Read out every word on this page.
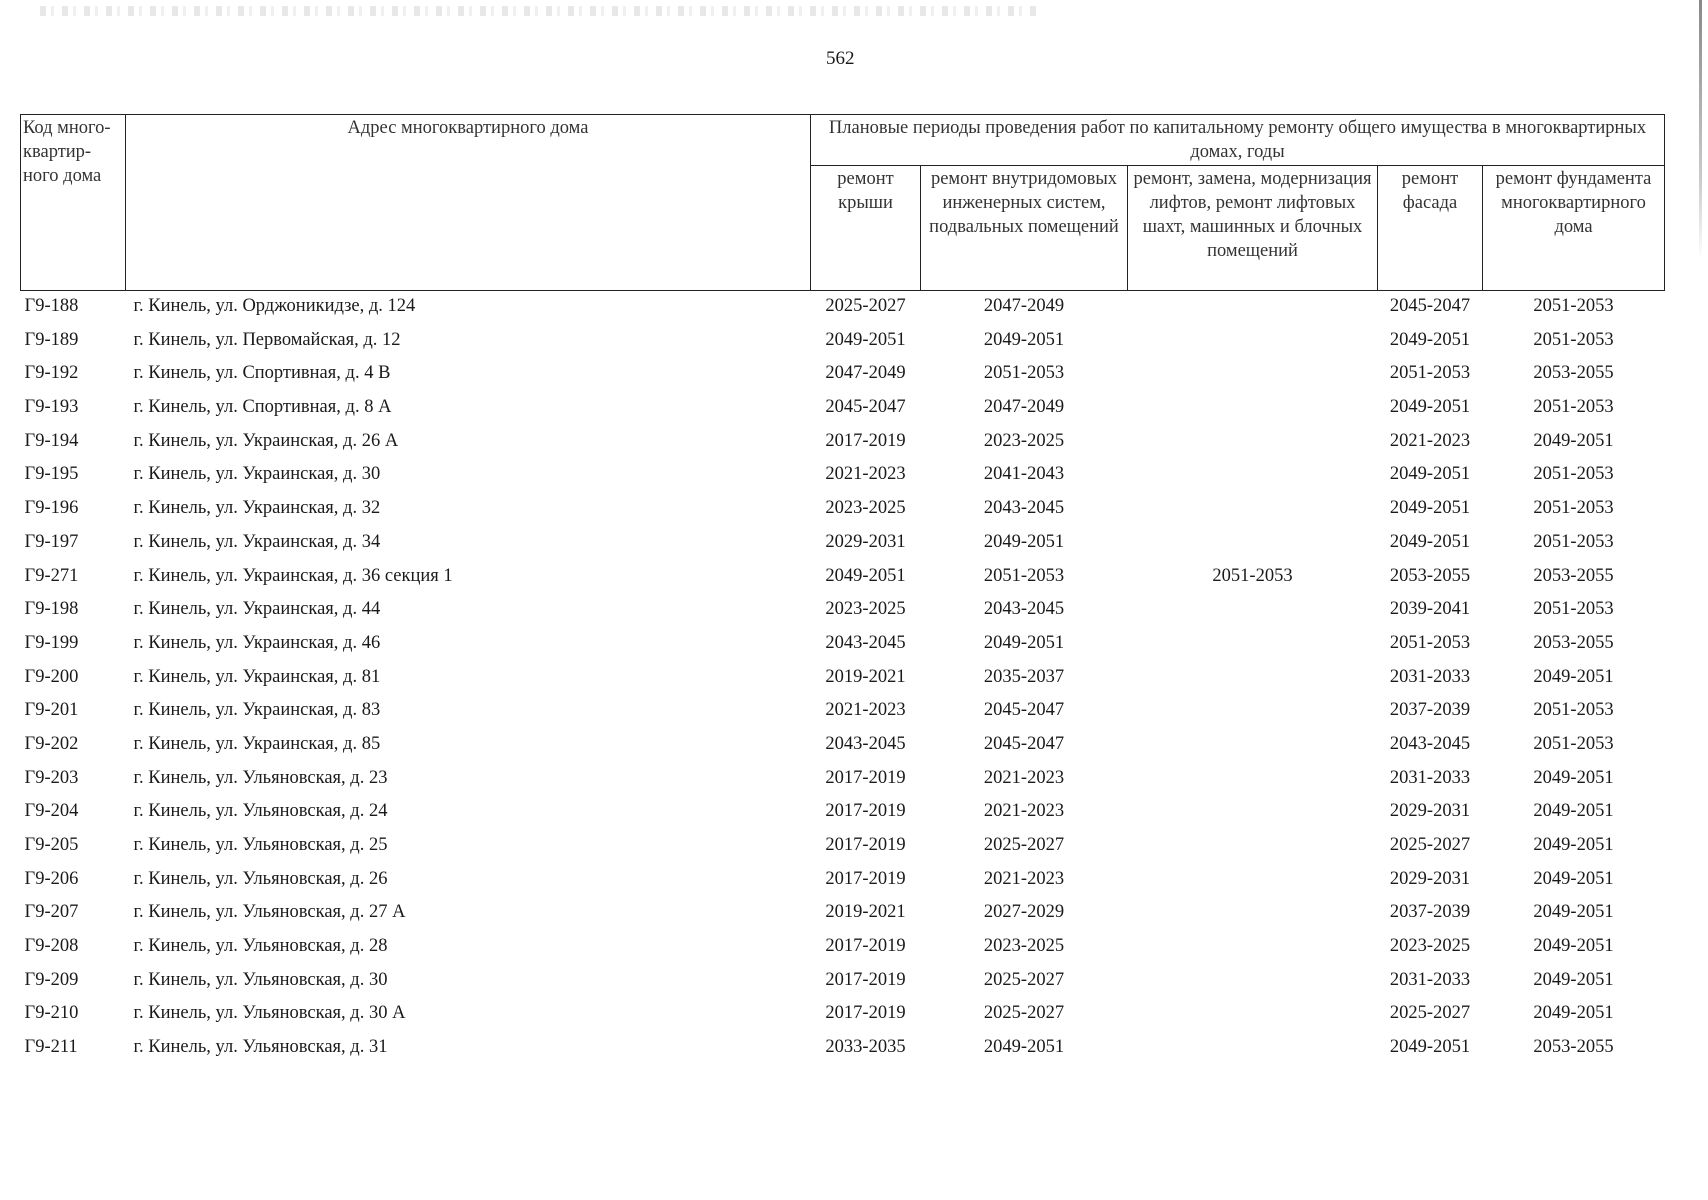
562
Код много-квартир-ного дома	Адрес многоквартирного дома	Плановые периоды проведения работ по капитальному ремонту общего имущества в многоквартирных домах, годы				
		ремонт крыши	ремонт внутридомовых инженерных систем, подвальных помещений	ремонт, замена, модернизация лифтов, ремонт лифтовых шахт, машинных и блочных помещений	ремонт фасада	ремонт фундамента многоквартирного дома
Г9-188	г. Кинель, ул. Орджоникидзе, д. 124	2025-2027	2047-2049		2045-2047	2051-2053
Г9-189	г. Кинель, ул. Первомайская, д. 12	2049-2051	2049-2051		2049-2051	2051-2053
Г9-192	г. Кинель, ул. Спортивная, д. 4 В	2047-2049	2051-2053		2051-2053	2053-2055
Г9-193	г. Кинель, ул. Спортивная, д. 8 А	2045-2047	2047-2049		2049-2051	2051-2053
Г9-194	г. Кинель, ул. Украинская, д. 26 А	2017-2019	2023-2025		2021-2023	2049-2051
Г9-195	г. Кинель, ул. Украинская, д. 30	2021-2023	2041-2043		2049-2051	2051-2053
Г9-196	г. Кинель, ул. Украинская, д. 32	2023-2025	2043-2045		2049-2051	2051-2053
Г9-197	г. Кинель, ул. Украинская, д. 34	2029-2031	2049-2051		2049-2051	2051-2053
Г9-271	г. Кинель, ул. Украинская, д. 36 секция 1	2049-2051	2051-2053	2051-2053	2053-2055	2053-2055
Г9-198	г. Кинель, ул. Украинская, д. 44	2023-2025	2043-2045		2039-2041	2051-2053
Г9-199	г. Кинель, ул. Украинская, д. 46	2043-2045	2049-2051		2051-2053	2053-2055
Г9-200	г. Кинель, ул. Украинская, д. 81	2019-2021	2035-2037		2031-2033	2049-2051
Г9-201	г. Кинель, ул. Украинская, д. 83	2021-2023	2045-2047		2037-2039	2051-2053
Г9-202	г. Кинель, ул. Украинская, д. 85	2043-2045	2045-2047		2043-2045	2051-2053
Г9-203	г. Кинель, ул. Ульяновская, д. 23	2017-2019	2021-2023		2031-2033	2049-2051
Г9-204	г. Кинель, ул. Ульяновская, д. 24	2017-2019	2021-2023		2029-2031	2049-2051
Г9-205	г. Кинель, ул. Ульяновская, д. 25	2017-2019	2025-2027		2025-2027	2049-2051
Г9-206	г. Кинель, ул. Ульяновская, д. 26	2017-2019	2021-2023		2029-2031	2049-2051
Г9-207	г. Кинель, ул. Ульяновская, д. 27 А	2019-2021	2027-2029		2037-2039	2049-2051
Г9-208	г. Кинель, ул. Ульяновская, д. 28	2017-2019	2023-2025		2023-2025	2049-2051
Г9-209	г. Кинель, ул. Ульяновская, д. 30	2017-2019	2025-2027		2031-2033	2049-2051
Г9-210	г. Кинель, ул. Ульяновская, д. 30 А	2017-2019	2025-2027		2025-2027	2049-2051
Г9-211	г. Кинель, ул. Ульяновская, д. 31	2033-2035	2049-2051		2049-2051	2053-2055
